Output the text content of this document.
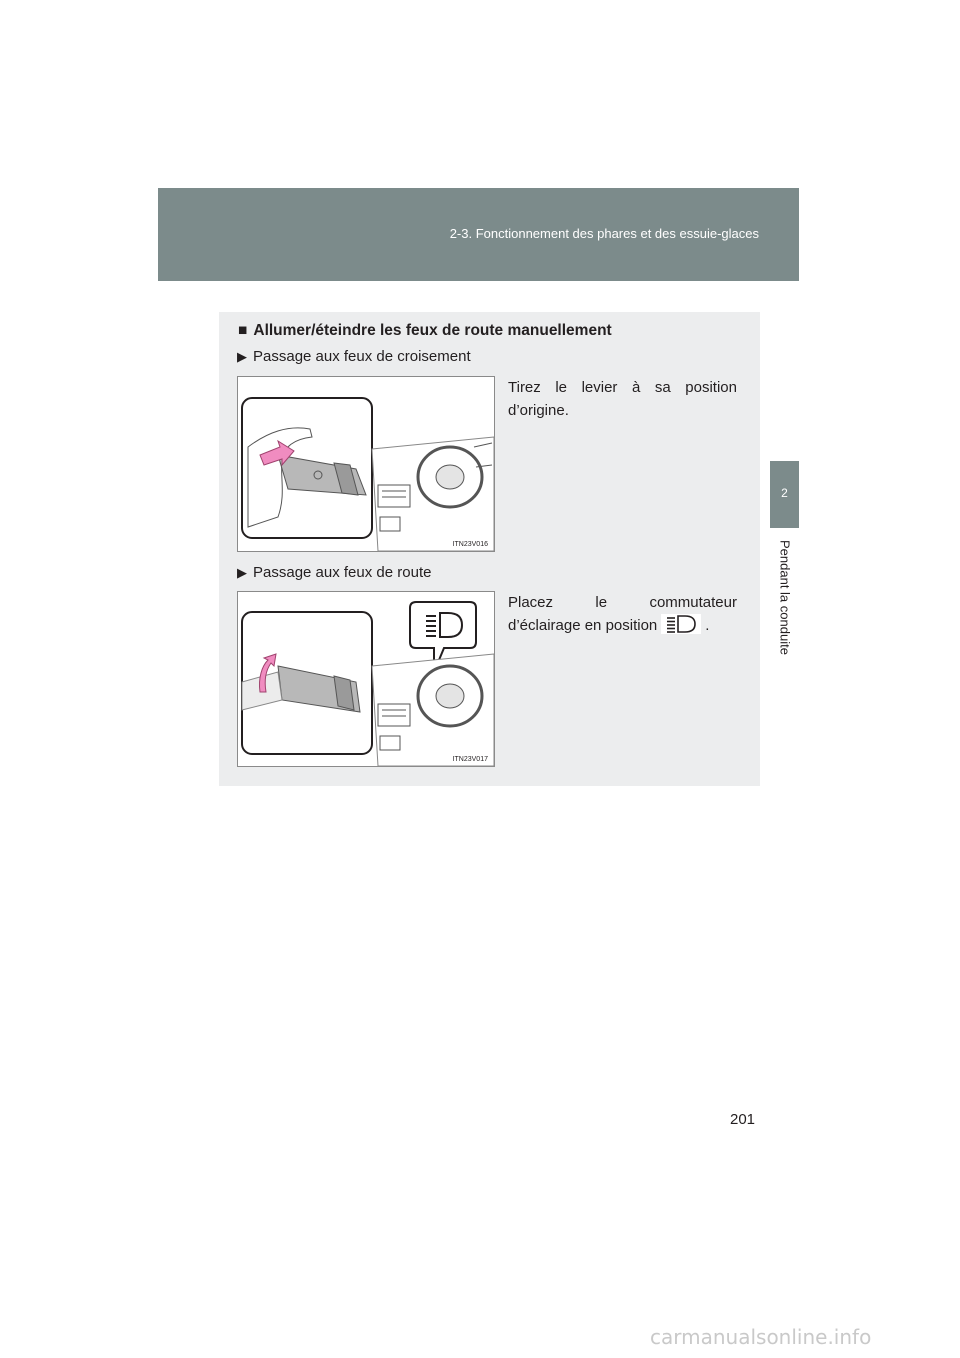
2-3. Fonctionnement des phares et des essuie-glaces
2
Pendant la conduite
■ Allumer/éteindre les feux de route manuellement
▶ Passage aux feux de croisement
ITN23V016
Tirez le levier à sa position
d’origine.
▶ Passage aux feux de route
ITN23V017
Placez le commutateur
d’éclairage en position	.
201
carmanualsonline.info
